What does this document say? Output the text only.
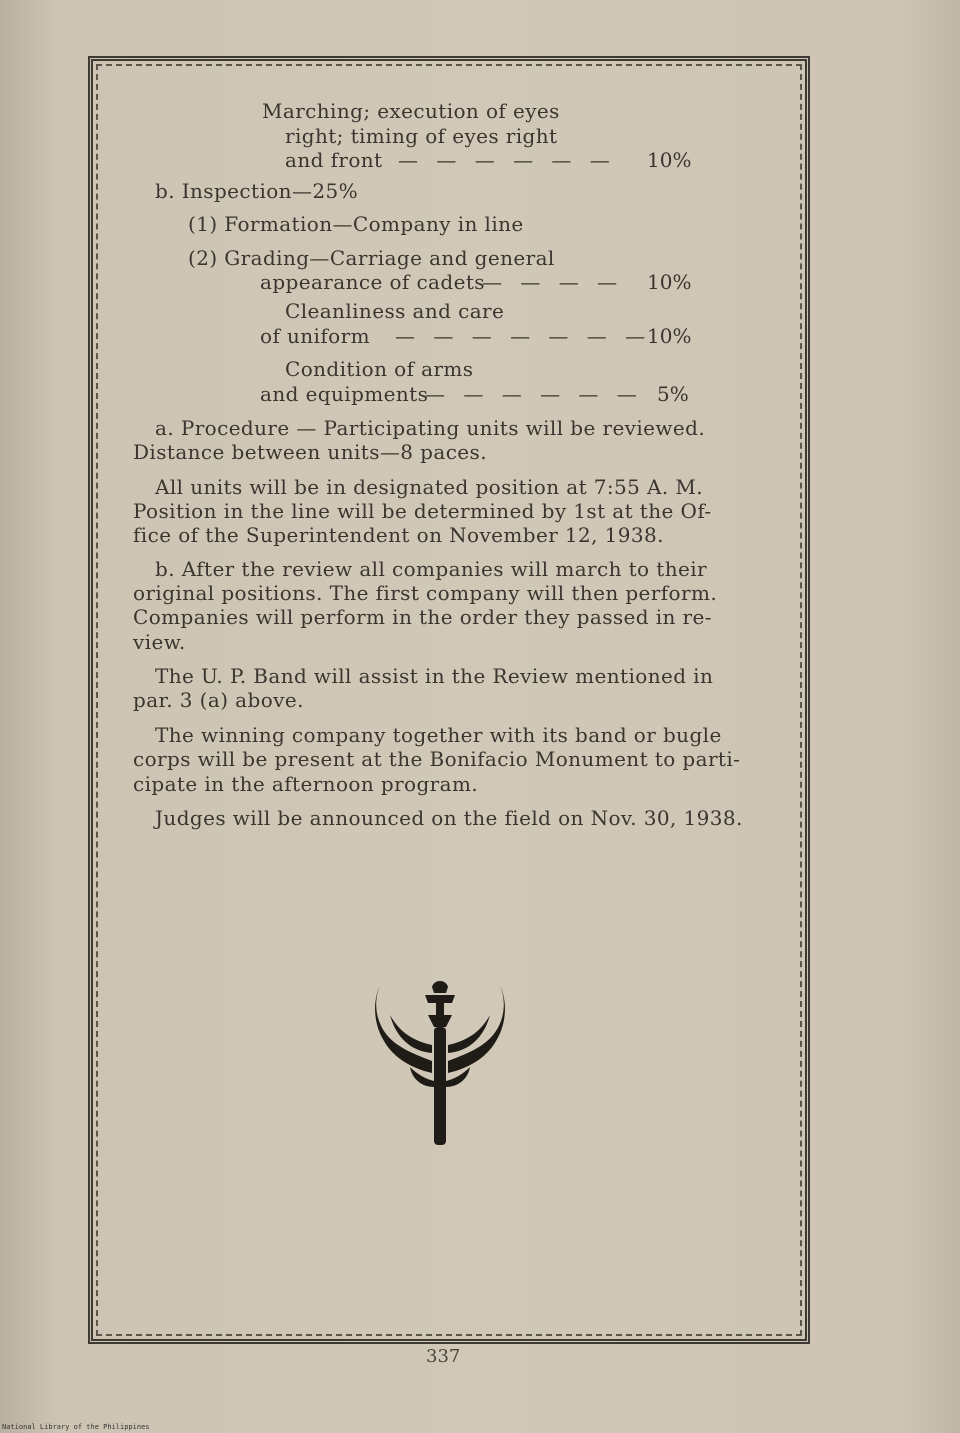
Marching; execution of eyes
right; timing of eyes right
and front — — — — — — 10%
b. Inspection—25%
(1) Formation—Company in line
(2) Grading—Carriage and general
appearance of cadets
— — — — 10%
Cleanliness and care
of uniform — — — — — — —
10%
Condition of arms
and equipments
— — — — — — 5%
a. Procedure — Participating units will be reviewed.
Distance between units—8 paces.
All units will be in designated position at 7:55 A. M.
Position in the line will be determined by 1st at the Of-
fice of the Superintendent on November 12, 1938.
b. After the review all companies will march to their
original positions. The first company will then perform.
Companies will perform in the order they passed in re-
view.
The U. P. Band will assist in the Review mentioned in
par. 3 (a) above.
The winning company together with its band or bugle
corps will be present at the Bonifacio Monument to parti-
cipate in the afternoon program.
Judges will be announced on the field on Nov. 30, 1938.
337
National Library of the Philippines
